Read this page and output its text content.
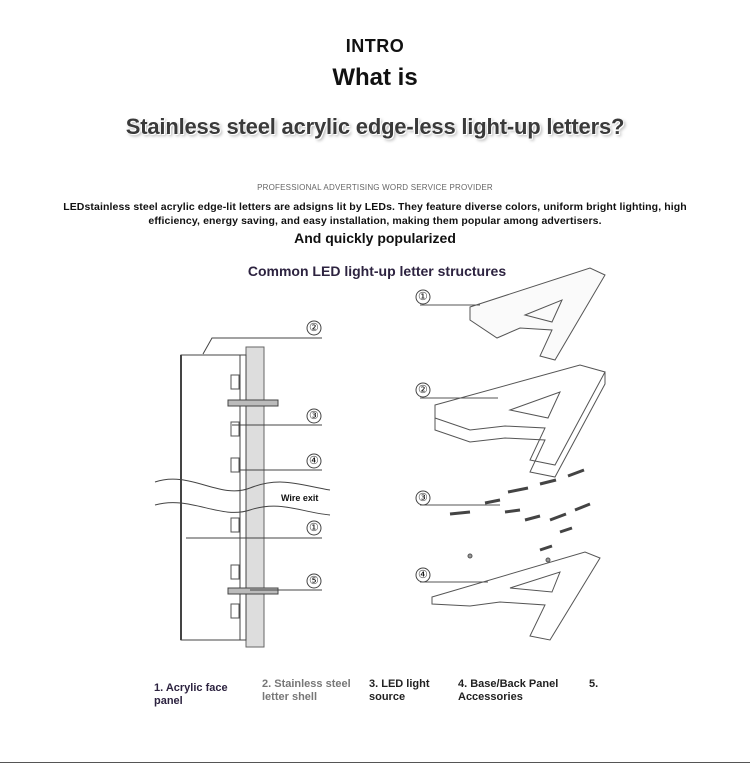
INTRO
What is
Stainless steel acrylic edge-less light-up letters?
PROFESSIONAL ADVERTISING WORD SERVICE PROVIDER
LEDstainless steel acrylic edge-lit letters are adsigns lit by LEDs. They feature diverse colors, uniform bright lighting, high efficiency, energy saving, and easy installation, making them popular among advertisers.
And quickly popularized
Common LED light-up letter structures
②
③
④
①
⑤
①
②
③
④
Wire exit
1. Acrylic face panel
2. Stainless steel letter shell
3. LED light source
4. Base/Back Panel Accessories
5.
